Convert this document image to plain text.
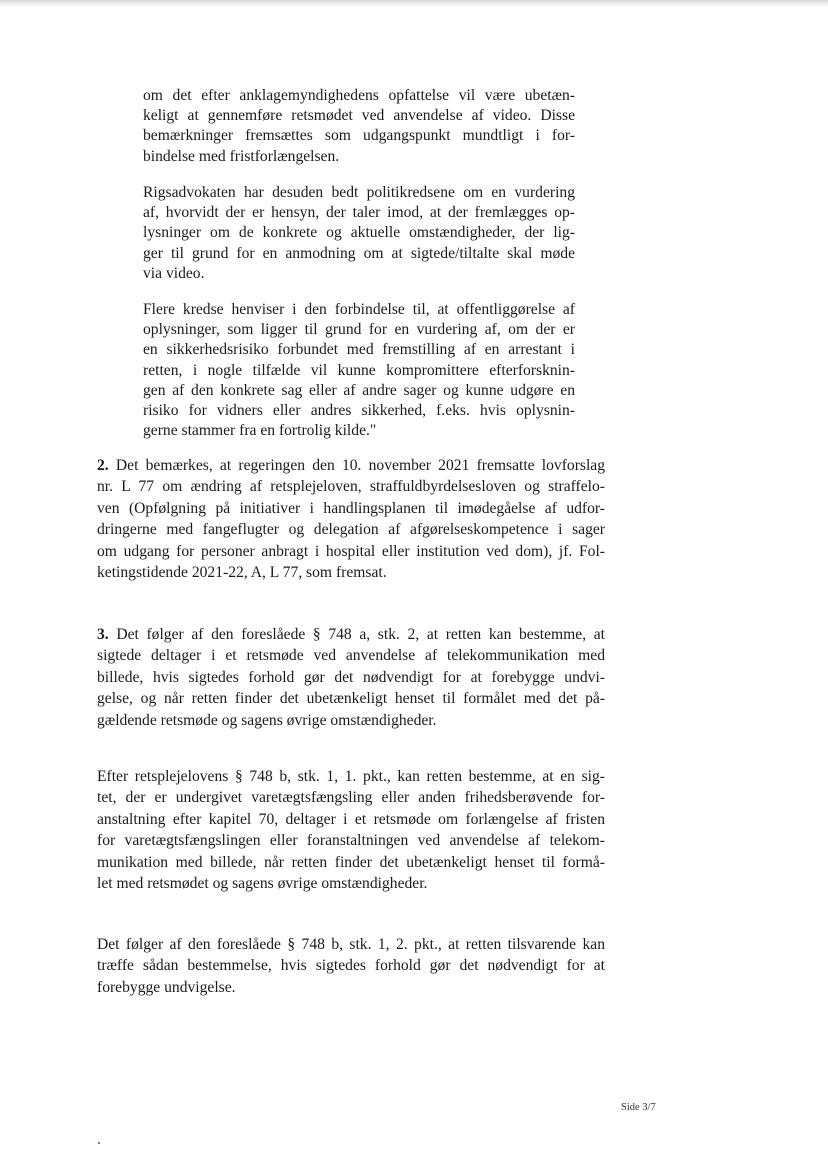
om det efter anklagemyndighedens opfattelse vil være ubetæn-
keligt at gennemføre retsmødet ved anvendelse af video. Disse
bemærkninger fremsættes som udgangspunkt mundtligt i for-
bindelse med fristforlængelsen.
Rigsadvokaten har desuden bedt politikredsene om en vurdering
af, hvorvidt der er hensyn, der taler imod, at der fremlægges op-
lysninger om de konkrete og aktuelle omstændigheder, der lig-
ger til grund for en anmodning om at sigtede/tiltalte skal møde
via video.
Flere kredse henviser i den forbindelse til, at offentliggørelse af
oplysninger, som ligger til grund for en vurdering af, om der er
en sikkerhedsrisiko forbundet med fremstilling af en arrestant i
retten, i nogle tilfælde vil kunne kompromittere efterforsknin-
gen af den konkrete sag eller af andre sager og kunne udgøre en
risiko for vidners eller andres sikkerhed, f.eks. hvis oplysnin-
gerne stammer fra en fortrolig kilde."
2. Det bemærkes, at regeringen den 10. november 2021 fremsatte lovforslag
nr. L 77 om ændring af retsplejeloven, straffuldbyrdelsesloven og straffelo-
ven (Opfølgning på initiativer i handlingsplanen til imødegåelse af udfor-
dringerne med fangeflugter og delegation af afgørelseskompetence i sager
om udgang for personer anbragt i hospital eller institution ved dom), jf. Fol-
ketingstidende 2021-22, A, L 77, som fremsat.
3. Det følger af den foreslåede § 748 a, stk. 2, at retten kan bestemme, at
sigtede deltager i et retsmøde ved anvendelse af telekommunikation med
billede, hvis sigtedes forhold gør det nødvendigt for at forebygge undvi-
gelse, og når retten finder det ubetænkeligt henset til formålet med det på-
gældende retsmøde og sagens øvrige omstændigheder.
Efter retsplejelovens § 748 b, stk. 1, 1. pkt., kan retten bestemme, at en sig-
tet, der er undergivet varetægtsfængsling eller anden frihedsberøvende for-
anstaltning efter kapitel 70, deltager i et retsmøde om forlængelse af fristen
for varetægtsfængslingen eller foranstaltningen ved anvendelse af telekom-
munikation med billede, når retten finder det ubetænkeligt henset til formå-
let med retsmødet og sagens øvrige omstændigheder.
Det følger af den foreslåede § 748 b, stk. 1, 2. pkt., at retten tilsvarende kan
træffe sådan bestemmelse, hvis sigtedes forhold gør det nødvendigt for at
forebygge undvigelse.
Side 3/7
